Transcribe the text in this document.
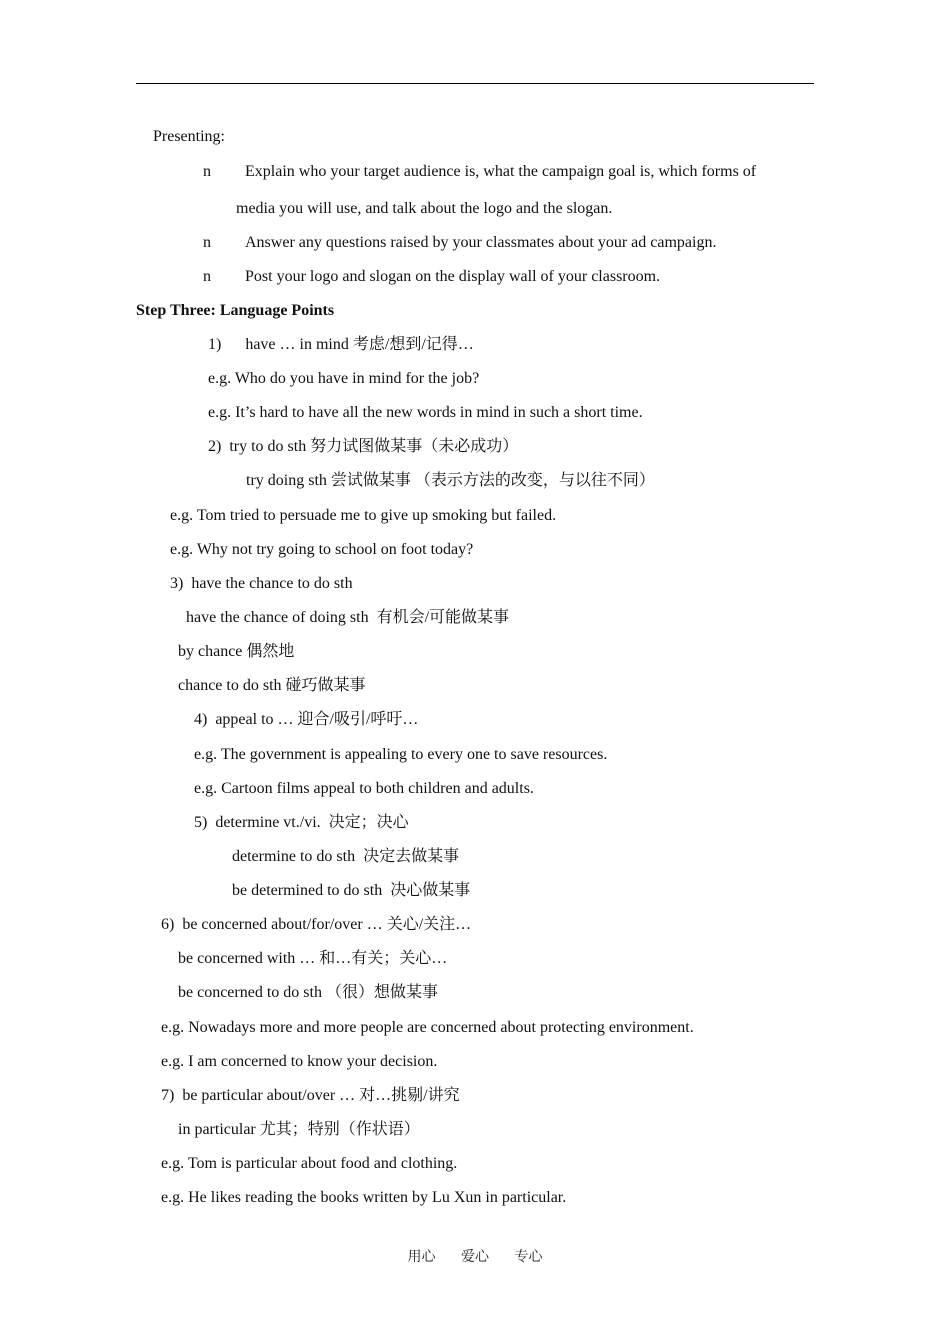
Presenting:
n Explain who your target audience is, what the campaign goal is, which forms of
media you will use, and talk about the logo and the slogan.
n Answer any questions raised by your classmates about your ad campaign.
n Post your logo and slogan on the display wall of your classroom.
Step Three: Language Points
1)      have … in mind 考虑/想到/记得…
e.g. Who do you have in mind for the job?
e.g. It’s hard to have all the new words in mind in such a short time.
2)  try to do sth 努力试图做某事（未必成功）
try doing sth 尝试做某事 （表示方法的改变，与以往不同）
e.g. Tom tried to persuade me to give up smoking but failed.
e.g. Why not try going to school on foot today?
3)  have the chance to do sth
have the chance of doing sth  有机会/可能做某事
by chance 偶然地
chance to do sth 碰巧做某事
4)  appeal to … 迎合/吸引/呼吁…
e.g. The government is appealing to every one to save resources.
e.g. Cartoon films appeal to both children and adults.
5)  determine vt./vi.  决定；决心
determine to do sth  决定去做某事
be determined to do sth  决心做某事
6)  be concerned about/for/over … 关心/关注…
be concerned with … 和…有关；关心…
be concerned to do sth （很）想做某事
e.g. Nowadays more and more people are concerned about protecting environment.
e.g. I am concerned to know your decision.
7)  be particular about/over … 对…挑剔/讲究
in particular 尤其；特别（作状语）
e.g. Tom is particular about food and clothing.
e.g. He likes reading the books written by Lu Xun in particular.
用心 爱心 专心
